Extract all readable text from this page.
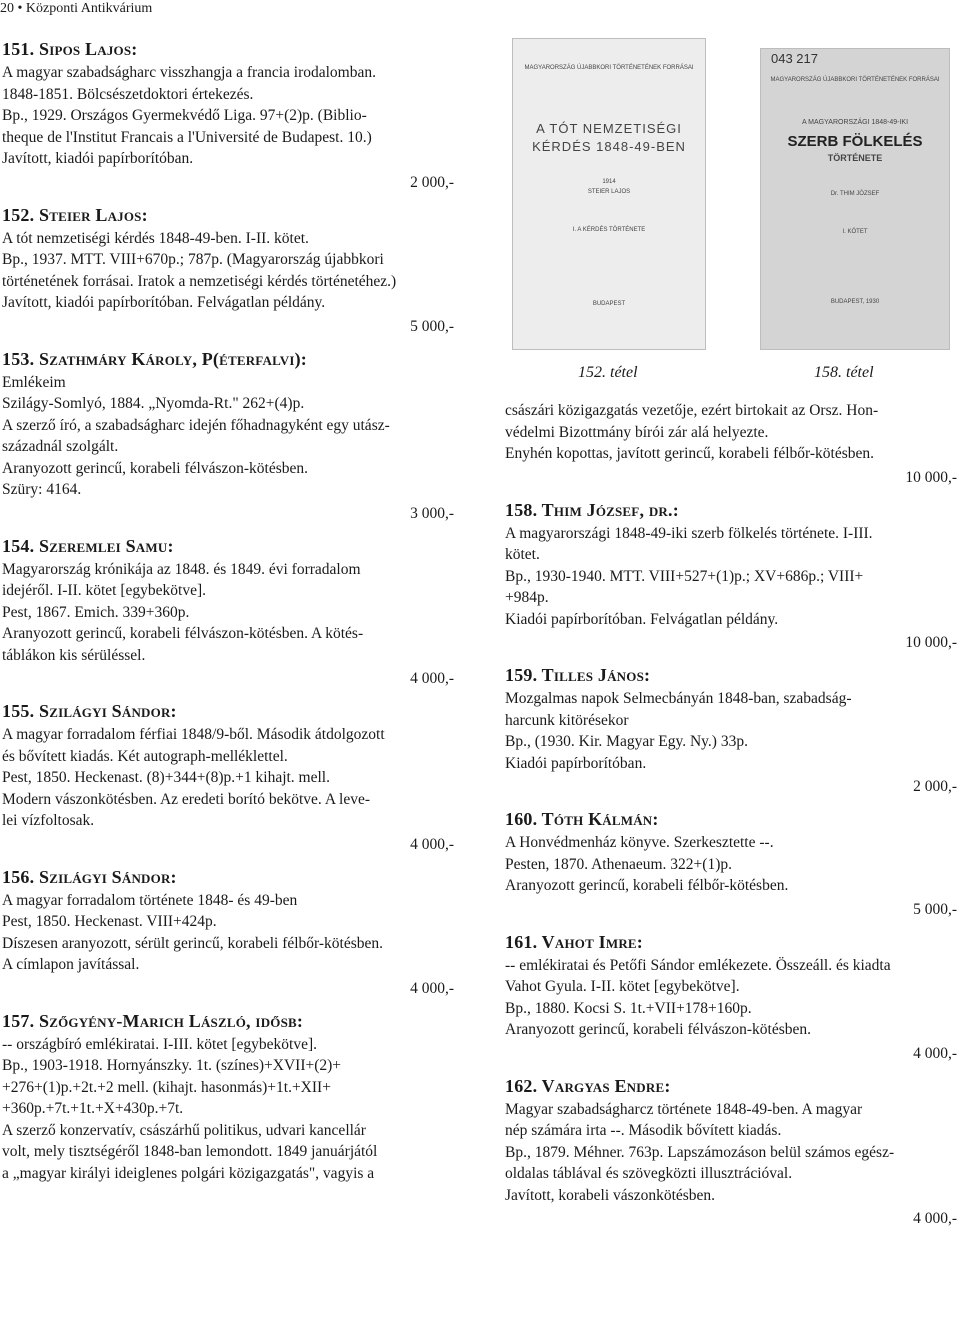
20 • Központi Antikvárium
MAGYARORSZÁG ÚJABBKORI TÖRTÉNETÉNEK FORRÁSAI
A TÓT NEMZETISÉGI
KÉRDÉS 1848-49-BEN
1914
STEIER LAJOS
I. A KÉRDÉS TÖRTÉNETE
BUDAPEST
043 217
MAGYARORSZÁG ÚJABBKORI TÖRTÉNETÉNEK FORRÁSAI
A MAGYARORSZÁGI 1848-49-IKI
SZERB FÖLKELÉS
TÖRTÉNETE
Dr. THIM JÓZSEF
I. KÖTET
BUDAPEST, 1930
152. tétel	158. tétel
151. Sipos Lajos:
A magyar szabadságharc visszhangja a francia irodalomban.
1848-1851. Bölcsészetdoktori értekezés.
Bp., 1929. Országos Gyermekvédő Liga. 97+(2)p. (Biblio-
theque de l'Institut Francais a l'Université de Budapest. 10.)
Javított, kiadói papírborítóban.
2 000,-
152. Steier Lajos:
A tót nemzetiségi kérdés 1848-49-ben. I-II. kötet.
Bp., 1937. MTT. VIII+670p.; 787p. (Magyarország újabbkori
történetének forrásai. Iratok a nemzetiségi kérdés történetéhez.)
Javított, kiadói papírborítóban. Felvágatlan példány.
5 000,-
153. Szathmáry Károly, P(éterfalvi):
Emlékeim
Szilágy-Somlyó, 1884. „Nyomda-Rt." 262+(4)p.
A szerző író, a szabadságharc idején főhadnagyként egy utász-
századnál szolgált.
Aranyozott gerincű, korabeli félvászon-kötésben.
Szüry: 4164.
3 000,-
154. Szeremlei Samu:
Magyarország krónikája az 1848. és 1849. évi forradalom
idejéről. I-II. kötet [egybekötve].
Pest, 1867. Emich. 339+360p.
Aranyozott gerincű, korabeli félvászon-kötésben. A kötés-
táblákon kis sérüléssel.
4 000,-
155. Szilágyi Sándor:
A magyar forradalom férfiai 1848/9-ből. Második átdolgozott
és bővített kiadás. Két autograph-melléklettel.
Pest, 1850. Heckenast. (8)+344+(8)p.+1 kihajt. mell.
Modern vászonkötésben. Az eredeti borító bekötve. A leve-
lei vízfoltosak.
4 000,-
156. Szilágyi Sándor:
A magyar forradalom története 1848- és 49-ben
Pest, 1850. Heckenast. VIII+424p.
Díszesen aranyozott, sérült gerincű, korabeli félbőr-kötésben.
A címlapon javítással.
4 000,-
157. Szőgyény-Marich László, idősb:
-- országbíró emlékiratai. I-III. kötet [egybekötve].
Bp., 1903-1918. Hornyánszky. 1t. (színes)+XVII+(2)+
+276+(1)p.+2t.+2 mell. (kihajt. hasonmás)+1t.+XII+
+360p.+7t.+1t.+X+430p.+7t.
A szerző konzervatív, császárhű politikus, udvari kancellár
volt, mely tisztségéről 1848-ban lemondott. 1849 januárjától
a „magyar királyi ideiglenes polgári közigazgatás", vagyis a
császári közigazgatás vezetője, ezért birtokait az Orsz. Hon-
védelmi Bizottmány bírói zár alá helyezte.
Enyhén kopottas, javított gerincű, korabeli félbőr-kötésben.
10 000,-
158. Thim József, dr.:
A magyarországi 1848-49-iki szerb fölkelés története. I-III.
kötet.
Bp., 1930-1940. MTT. VIII+527+(1)p.; XV+686p.; VIII+
+984p.
Kiadói papírborítóban. Felvágatlan példány.
10 000,-
159. Tilles János:
Mozgalmas napok Selmecbányán 1848-ban, szabadság-
harcunk kitörésekor
Bp., (1930. Kir. Magyar Egy. Ny.) 33p.
Kiadói papírborítóban.
2 000,-
160. Tóth Kálmán:
A Honvédmenház könyve. Szerkesztette --.
Pesten, 1870. Athenaeum. 322+(1)p.
Aranyozott gerincű, korabeli félbőr-kötésben.
5 000,-
161. Vahot Imre:
-- emlékiratai és Petőfi Sándor emlékezete. Összeáll. és kiadta
Vahot Gyula. I-II. kötet [egybekötve].
Bp., 1880. Kocsi S. 1t.+VII+178+160p.
Aranyozott gerincű, korabeli félvászon-kötésben.
4 000,-
162. Vargyas Endre:
Magyar szabadságharcz története 1848-49-ben. A magyar
nép számára irta --. Második bővített kiadás.
Bp., 1879. Méhner. 763p. Lapszámozáson belül számos egész-
oldalas táblával és szövegközti illusztrációval.
Javított, korabeli vászonkötésben.
4 000,-
